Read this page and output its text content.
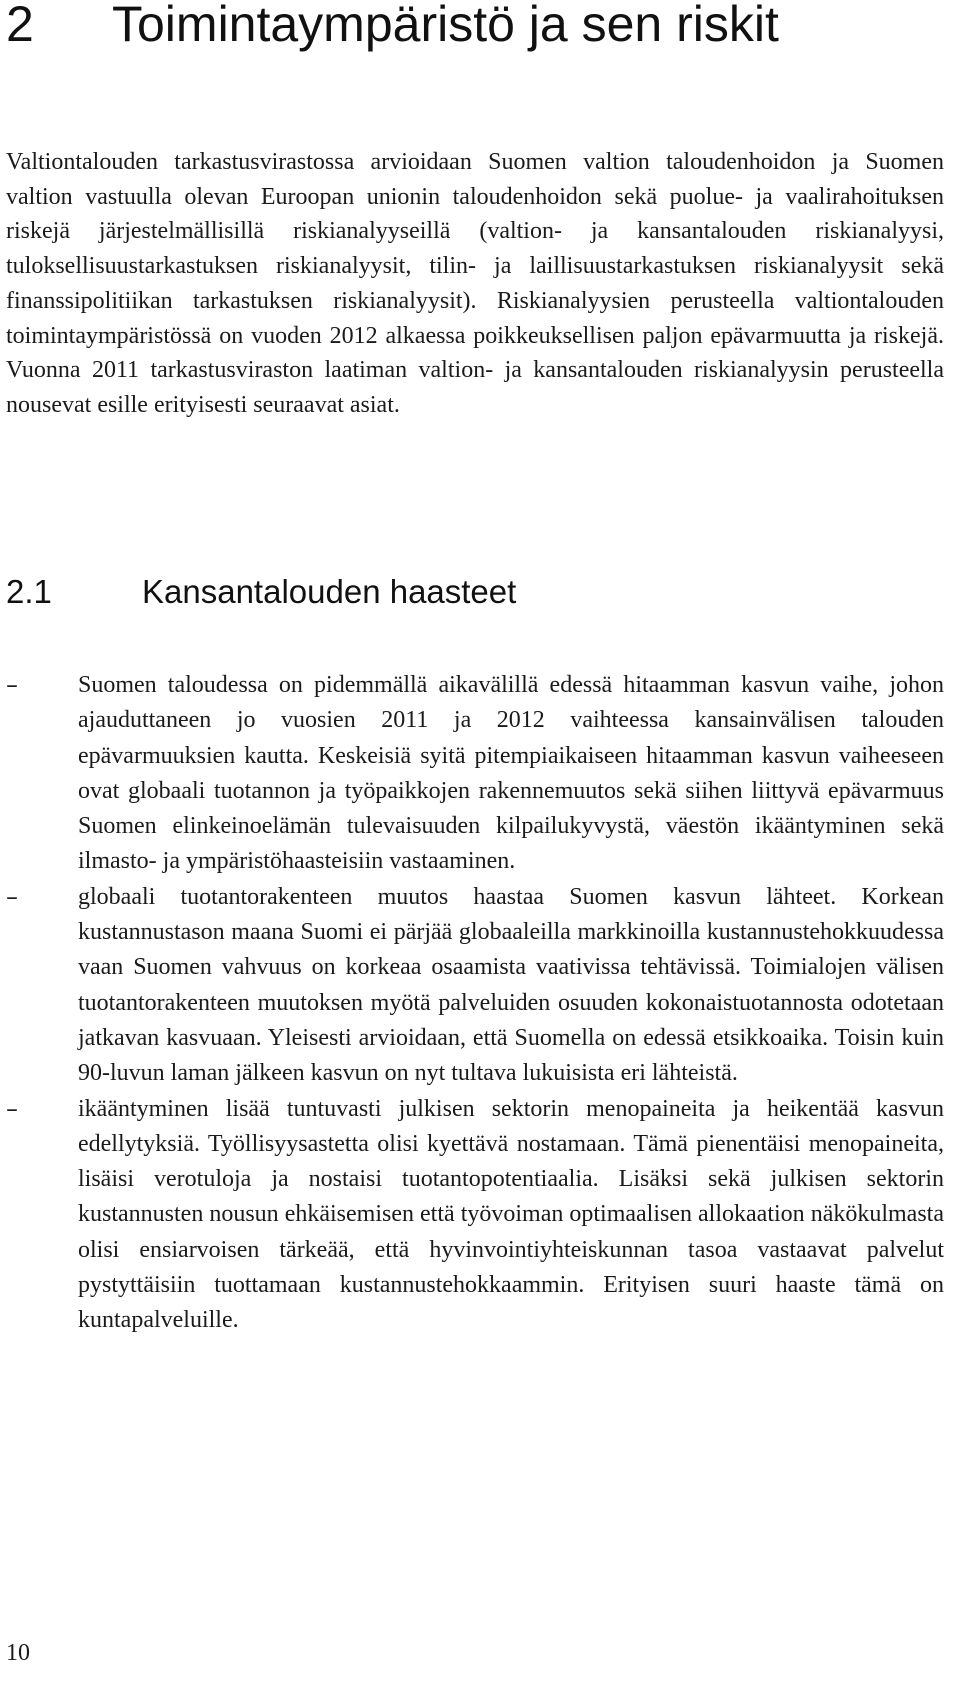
2 Toimintaympäristö ja sen riskit

Valtiontalouden tarkastusvirastossa arvioidaan Suomen valtion taloudenhoidon ja Suomen valtion vastuulla olevan Euroopan unionin taloudenhoidon sekä puolue- ja vaalirahoituksen riskejä järjestelmällisillä riskianalyyseillä (valtion- ja kansantalouden riskianalyysi, tuloksellisuustarkastuksen riskianalyysit, tilin- ja laillisuustarkastuksen riskianalyysit sekä finanssipolitiikan tarkastuksen riskianalyysit). Riskianalyysien perusteella valtiontalouden toimintaympäristössä on vuoden 2012 alkaessa poikkeuksellisen paljon epävarmuutta ja riskejä. Vuonna 2011 tarkastusviraston laatiman valtion- ja kansantalouden riskianalyysin perusteella nousevat esille erityisesti seuraavat asiat.

2.1	Kansantalouden haasteet
–	Suomen taloudessa on pidemmällä aikavälillä edessä hitaamman kasvun vaihe, johon ajauduttaneen jo vuosien 2011 ja 2012 vaihteessa kansainvälisen talouden epävarmuuksien kautta. Keskeisiä syitä pitempiaikaiseen hitaamman kasvun vaiheeseen ovat globaali tuotannon ja työpaikkojen rakennemuutos sekä siihen liittyvä epävarmuus Suomen elinkeinoelämän tulevaisuuden kilpailukyvystä, väestön ikääntyminen sekä ilmasto- ja ympäristöhaasteisiin vastaaminen.
–	globaali tuotantorakenteen muutos haastaa Suomen kasvun lähteet. Korkean kustannustason maana Suomi ei pärjää globaaleilla markkinoilla kustannustehokkuudessa vaan Suomen vahvuus on korkeaa osaamista vaativissa tehtävissä. Toimialojen välisen tuotantorakenteen muutoksen myötä palveluiden osuuden kokonaistuotannosta odotetaan jatkavan kasvuaan. Yleisesti arvioidaan, että Suomella on edessä etsikkoaika. Toisin kuin 90-luvun laman jälkeen kasvun on nyt tultava lukuisista eri lähteistä.
–	ikääntyminen lisää tuntuvasti julkisen sektorin menopaineita ja heikentää kasvun edellytyksiä. Työllisyysastetta olisi kyettävä nostamaan. Tämä pienentäisi menopaineita, lisäisi verotuloja ja nostaisi tuotantopotentiaalia. Lisäksi sekä julkisen sektorin kustannusten nousun ehkäisemisen että työvoiman optimaalisen allokaation näkökulmasta olisi ensiarvoisen tärkeää, että hyvinvointiyhteiskunnan tasoa vastaavat palvelut pystyttäisiin tuottamaan kustannustehokkaammin. Erityisen suuri haaste tämä on kuntapalveluille.
10
